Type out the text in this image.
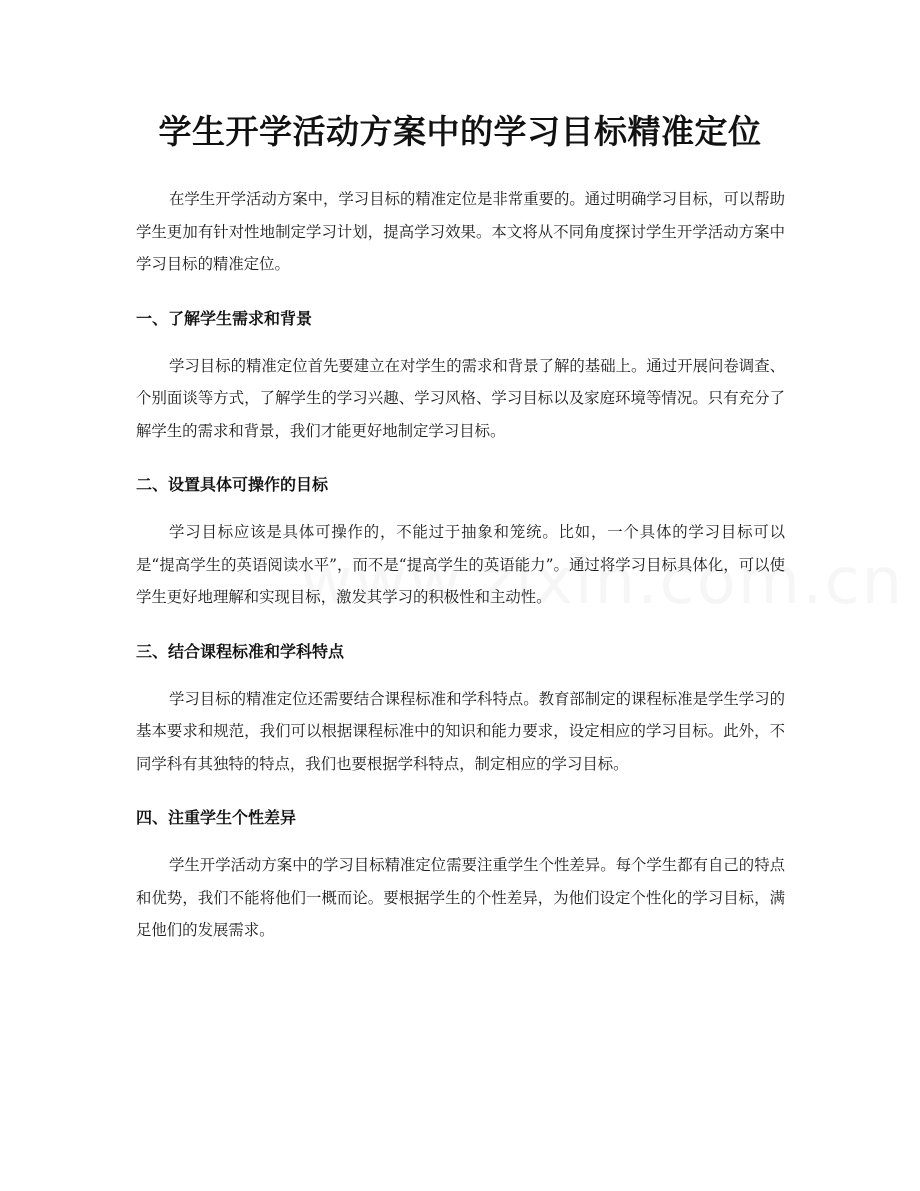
学生开学活动方案中的学习目标精准定位

在学生开学活动方案中，学习目标的精准定位是非常重要的。通过明确学习目标，可以帮助学生更加有针对性地制定学习计划，提高学习效果。本文将从不同角度探讨学生开学活动方案中学习目标的精准定位。

一、了解学生需求和背景

学习目标的精准定位首先要建立在对学生的需求和背景了解的基础上。通过开展问卷调查、个别面谈等方式，了解学生的学习兴趣、学习风格、学习目标以及家庭环境等情况。只有充分了解学生的需求和背景，我们才能更好地制定学习目标。

二、设置具体可操作的目标

学习目标应该是具体可操作的，不能过于抽象和笼统。比如，一个具体的学习目标可以是“提高学生的英语阅读水平”，而不是“提高学生的英语能力”。通过将学习目标具体化，可以使学生更好地理解和实现目标，激发其学习的积极性和主动性。

三、结合课程标准和学科特点

学习目标的精准定位还需要结合课程标准和学科特点。教育部制定的课程标准是学生学习的基本要求和规范，我们可以根据课程标准中的知识和能力要求，设定相应的学习目标。此外，不同学科有其独特的特点，我们也要根据学科特点，制定相应的学习目标。

四、注重学生个性差异

学生开学活动方案中的学习目标精准定位需要注重学生个性差异。每个学生都有自己的特点和优势，我们不能将他们一概而论。要根据学生的个性差异，为他们设定个性化的学习目标，满足他们的发展需求。
